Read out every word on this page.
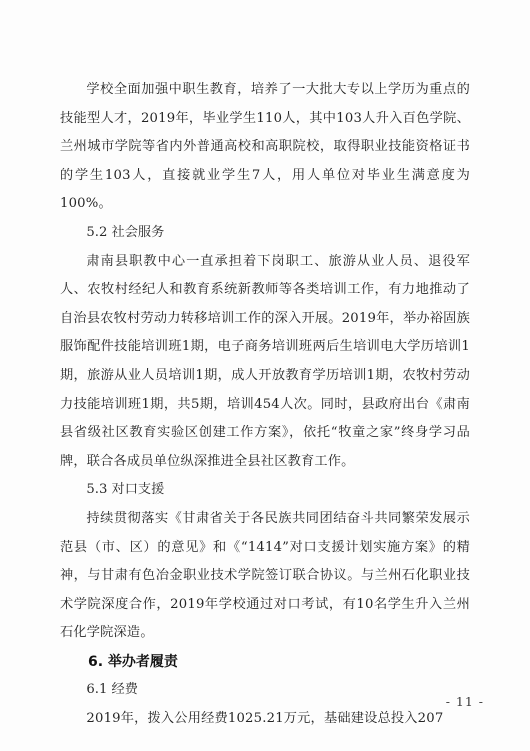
学校全面加强中职生教育，培养了一大批大专以上学历为重点的技能型人才，2019年，毕业学生110人，其中103人升入百色学院、兰州城市学院等省内外普通高校和高职院校，取得职业技能资格证书的学生103人，直接就业学生7人，用人单位对毕业生满意度为100%。

5.2 社会服务

肃南县职教中心一直承担着下岗职工、旅游从业人员、退役军人、农牧村经纪人和教育系统新教师等各类培训工作，有力地推动了自治县农牧村劳动力转移培训工作的深入开展。2019年，举办裕固族服饰配件技能培训班1期，电子商务培训班两后生培训电大学历培训1期，旅游从业人员培训1期，成人开放教育学历培训1期，农牧村劳动力技能培训班1期，共5期，培训454人次。同时，县政府出台《肃南县省级社区教育实验区创建工作方案》，依托“牧童之家”终身学习品牌，联合各成员单位纵深推进全县社区教育工作。

5.3 对口支援

持续贯彻落实《甘肃省关于各民族共同团结奋斗共同繁荣发展示范县（市、区）的意见》和《“1414”对口支援计划实施方案》的精神，与甘肃有色冶金职业技术学院签订联合协议。与兰州石化职业技术学院深度合作，2019年学校通过对口考试，有10名学生升入兰州石化学院深造。

6. 举办者履责

6.1 经费

2019年，拨入公用经费1025.21万元，基础建设总投入207

- 11 -
